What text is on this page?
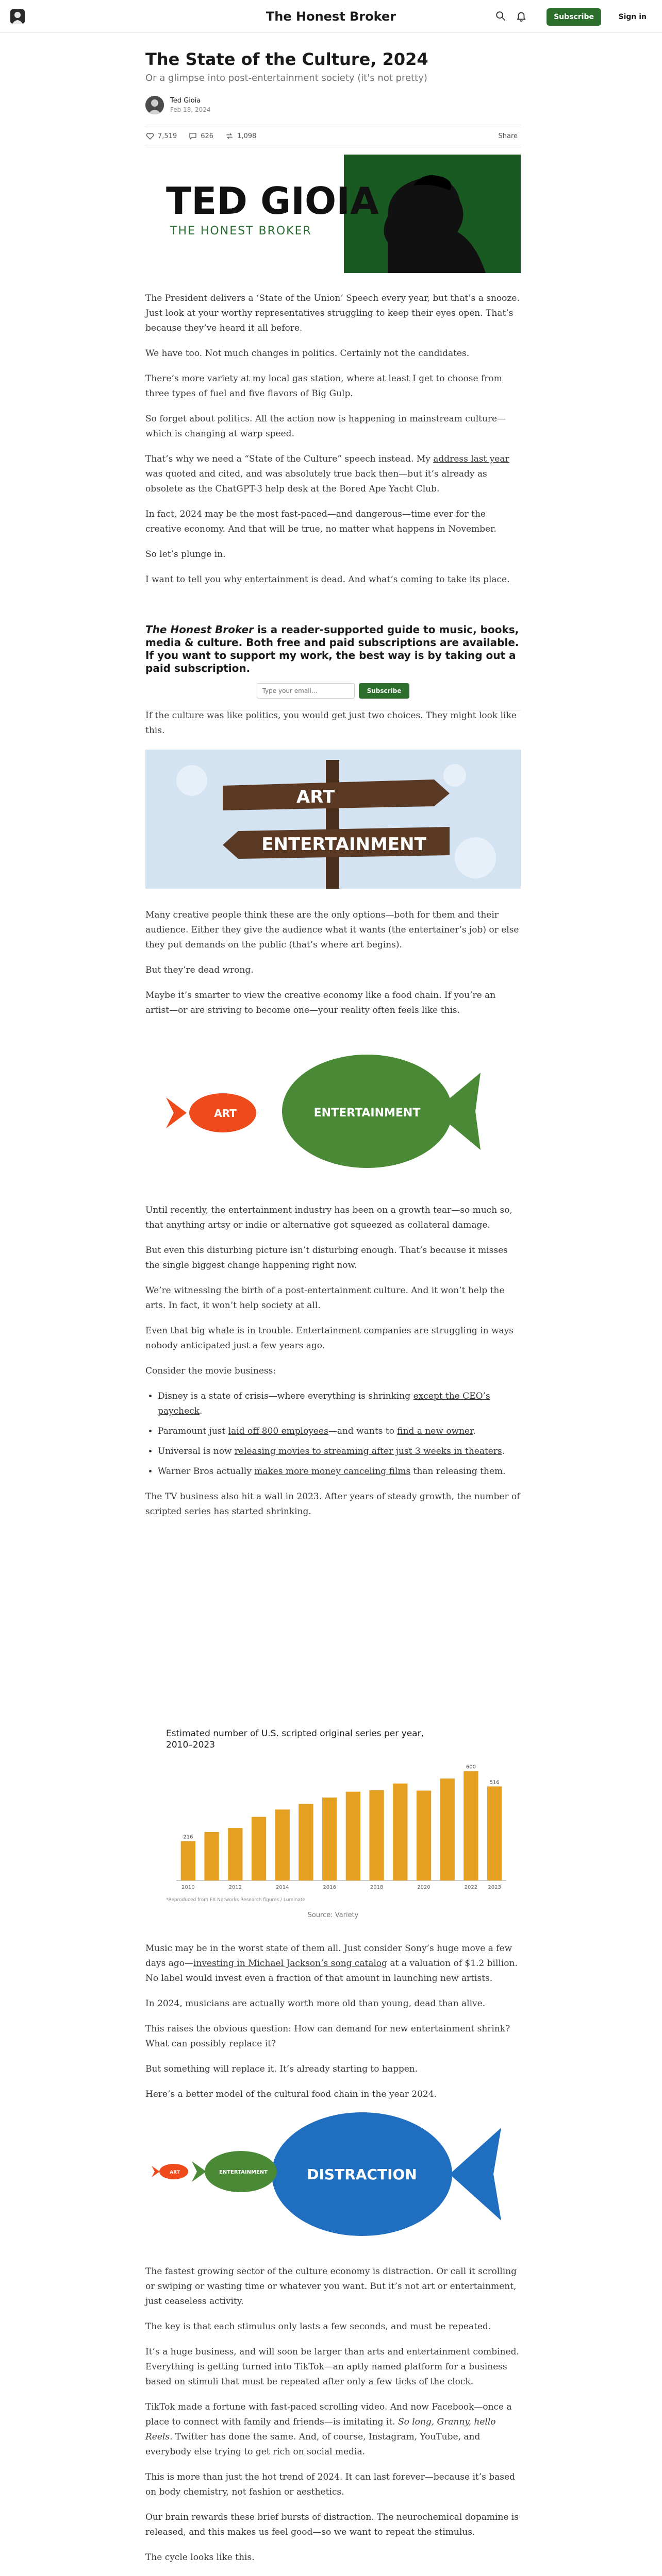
The Honest Broker	Subscribe	Sign in
The State of the Culture, 2024
Or a glimpse into post-entertainment society (it's not pretty)
Ted Gioia
Feb 18, 2024
7,519	626	1,098	Share
TED GIOIA
THE HONEST BROKER

The President delivers a ‘State of the Union’ Speech every year, but that’s a snooze. Just look at your worthy representatives struggling to keep their eyes open. That’s because they’ve heard it all before.

We have too. Not much changes in politics. Certainly not the candidates.

There’s more variety at my local gas station, where at least I get to choose from three types of fuel and five flavors of Big Gulp.

So forget about politics. All the action now is happening in mainstream culture—which is changing at warp speed.

That’s why we need a “State of the Culture” speech instead. My address last year was quoted and cited, and was absolutely true back then—but it’s already as obsolete as the ChatGPT-3 help desk at the Bored Ape Yacht Club.

In fact, 2024 may be the most fast-paced—and dangerous—time ever for the creative economy. And that will be true, no matter what happens in November.

So let’s plunge in.

I want to tell you why entertainment is dead. And what’s coming to take its place.

The Honest Broker is a reader-supported guide to music, books, media & culture. Both free and paid subscriptions are available. If you want to support my work, the best way is by taking out a paid subscription.
Type your email...
Subscribe

If the culture was like politics, you would get just two choices. They might look like this.

ART
ENTERTAINMENT

Many creative people think these are the only options—both for them and their audience. Either they give the audience what it wants (the entertainer’s job) or else they put demands on the public (that’s where art begins).

But they’re dead wrong.

Maybe it’s smarter to view the creative economy like a food chain. If you’re an artist—or are striving to become one—your reality often feels like this.

ENTERTAINMENT
ART

Until recently, the entertainment industry has been on a growth tear—so much so, that anything artsy or indie or alternative got squeezed as collateral damage.

But even this disturbing picture isn’t disturbing enough. That’s because it misses the single biggest change happening right now.

We’re witnessing the birth of a post-entertainment culture. And it won’t help the arts. In fact, it won’t help society at all.

Even that big whale is in trouble. Entertainment companies are struggling in ways nobody anticipated just a few years ago.

Consider the movie business:

• Disney is a state of crisis—where everything is shrinking except the CEO’s paycheck.
• Paramount just laid off 800 employees—and wants to find a new owner.
• Universal is now releasing movies to streaming after just 3 weeks in theaters.
• Warner Bros actually makes more money canceling films than releasing them.

The TV business also hit a wall in 2023. After years of steady growth, the number of scripted series has started shrinking.

Estimated number of U.S. scripted original series per year,
2010–2023
2010
216
2012	2014	2016	2018	2020	2022
600
2023
516
*Reproduced from FX Networks Research figures / Luminate
Source: Variety

Music may be in the worst state of them all. Just consider Sony’s huge move a few days ago—investing in Michael Jackson’s song catalog at a valuation of $1.2 billion. No label would invest even a fraction of that amount in launching new artists.

In 2024, musicians are actually worth more old than young, dead than alive.

This raises the obvious question: How can demand for new entertainment shrink? What can possibly replace it?

But something will replace it. It’s already starting to happen.

Here’s a better model of the cultural food chain in the year 2024.

DISTRACTION
ENTERTAINMENT
ART

The fastest growing sector of the culture economy is distraction. Or call it scrolling or swiping or wasting time or whatever you want. But it’s not art or entertainment, just ceaseless activity.

The key is that each stimulus only lasts a few seconds, and must be repeated.

It’s a huge business, and will soon be larger than arts and entertainment combined. Everything is getting turned into TikTok—an aptly named platform for a business based on stimuli that must be repeated after only a few ticks of the clock.

TikTok made a fortune with fast-paced scrolling video. And now Facebook—once a place to connect with family and friends—is imitating it. So long, Granny, hello Reels. Twitter has done the same. And, of course, Instagram, YouTube, and everybody else trying to get rich on social media.

This is more than just the hot trend of 2024. It can last forever—because it’s based on body chemistry, not fashion or aesthetics.

Our brain rewards these brief bursts of distraction. The neurochemical dopamine is released, and this makes us feel good—so we want to repeat the stimulus.

The cycle looks like this.
